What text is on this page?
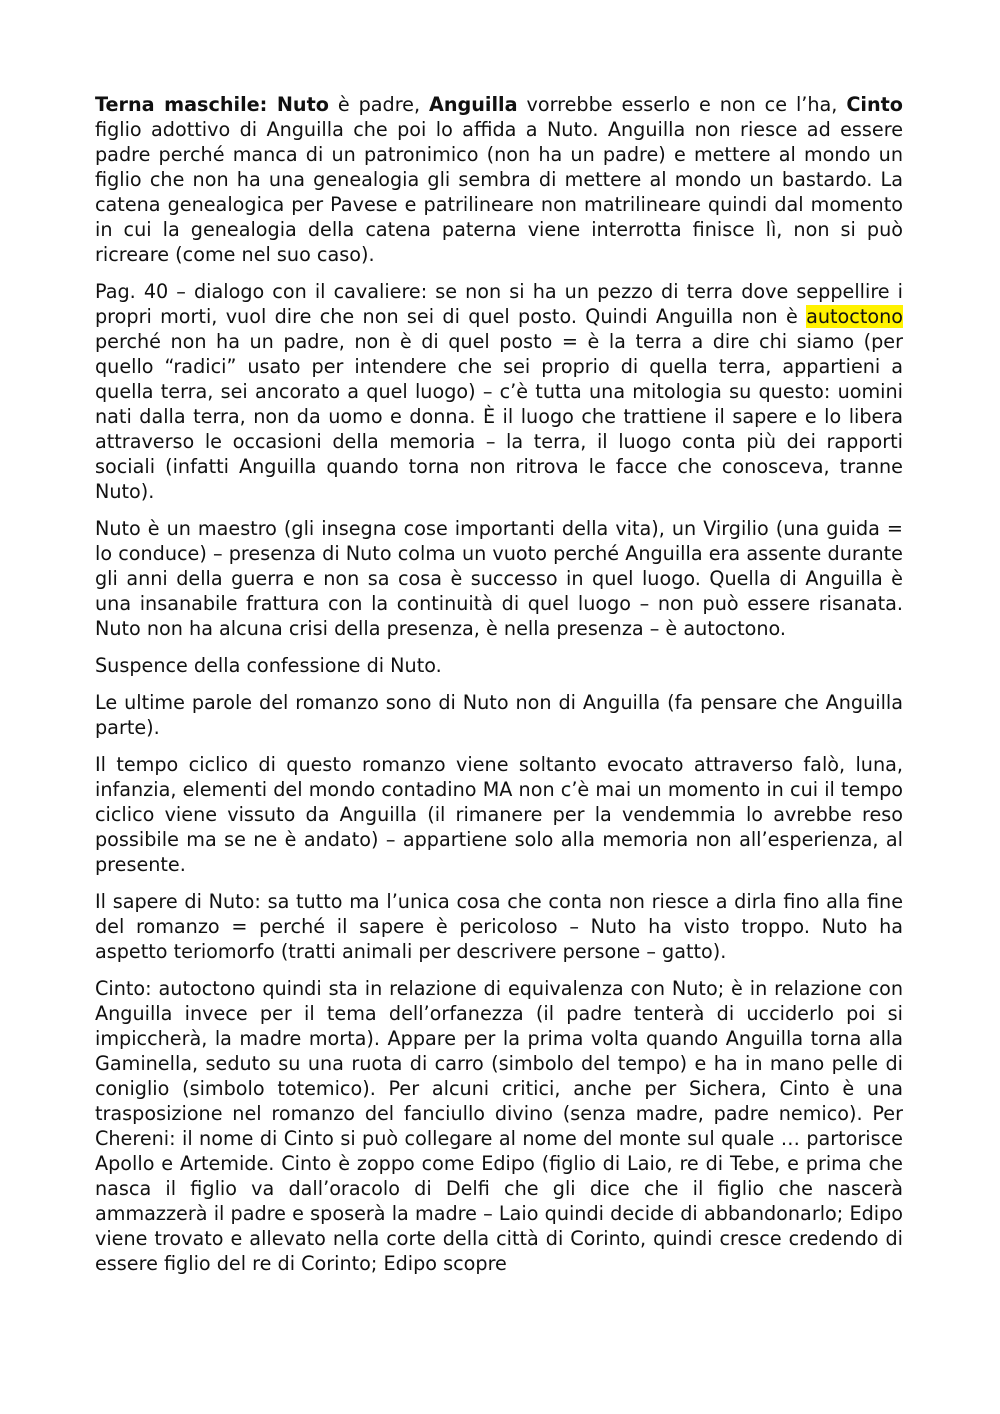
Terna maschile: Nuto è padre, Anguilla vorrebbe esserlo e non ce l’ha, Cinto figlio adottivo di Anguilla che poi lo affida a Nuto. Anguilla non riesce ad essere padre perché manca di un patronimico (non ha un padre) e mettere al mondo un figlio che non ha una genealogia gli sembra di mettere al mondo un bastardo. La catena genealogica per Pavese e patrilineare non matrilineare quindi dal momento in cui la genealogia della catena paterna viene interrotta finisce lì, non si può ricreare (come nel suo caso).

Pag. 40 – dialogo con il cavaliere: se non si ha un pezzo di terra dove seppellire i propri morti, vuol dire che non sei di quel posto. Quindi Anguilla non è autoctono perché non ha un padre, non è di quel posto = è la terra a dire chi siamo (per quello “radici” usato per intendere che sei proprio di quella terra, appartieni a quella terra, sei ancorato a quel luogo) – c’è tutta una mitologia su questo: uomini nati dalla terra, non da uomo e donna. È il luogo che trattiene il sapere e lo libera attraverso le occasioni della memoria – la terra, il luogo conta più dei rapporti sociali (infatti Anguilla quando torna non ritrova le facce che conosceva, tranne Nuto).

Nuto è un maestro (gli insegna cose importanti della vita), un Virgilio (una guida = lo conduce) – presenza di Nuto colma un vuoto perché Anguilla era assente durante gli anni della guerra e non sa cosa è successo in quel luogo. Quella di Anguilla è una insanabile frattura con la continuità di quel luogo – non può essere risanata. Nuto non ha alcuna crisi della presenza, è nella presenza – è autoctono.

Suspence della confessione di Nuto.

Le ultime parole del romanzo sono di Nuto non di Anguilla (fa pensare che Anguilla parte).

Il tempo ciclico di questo romanzo viene soltanto evocato attraverso falò, luna, infanzia, elementi del mondo contadino MA non c’è mai un momento in cui il tempo ciclico viene vissuto da Anguilla (il rimanere per la vendemmia lo avrebbe reso possibile ma se ne è andato) – appartiene solo alla memoria non all’esperienza, al presente.

Il sapere di Nuto: sa tutto ma l’unica cosa che conta non riesce a dirla fino alla fine del romanzo = perché il sapere è pericoloso – Nuto ha visto troppo. Nuto ha aspetto teriomorfo (tratti animali per descrivere persone – gatto).

Cinto: autoctono quindi sta in relazione di equivalenza con Nuto; è in relazione con Anguilla invece per il tema dell’orfanezza (il padre tenterà di ucciderlo poi si impiccherà, la madre morta). Appare per la prima volta quando Anguilla torna alla Gaminella, seduto su una ruota di carro (simbolo del tempo) e ha in mano pelle di coniglio (simbolo totemico). Per alcuni critici, anche per Sichera, Cinto è una trasposizione nel romanzo del fanciullo divino (senza madre, padre nemico). Per Chereni: il nome di Cinto si può collegare al nome del monte sul quale … partorisce Apollo e Artemide. Cinto è zoppo come Edipo (figlio di Laio, re di Tebe, e prima che nasca il figlio va dall’oracolo di Delfi che gli dice che il figlio che nascerà ammazzerà il padre e sposerà la madre – Laio quindi decide di abbandonarlo; Edipo viene trovato e allevato nella corte della città di Corinto, quindi cresce credendo di essere figlio del re di Corinto; Edipo scopre
